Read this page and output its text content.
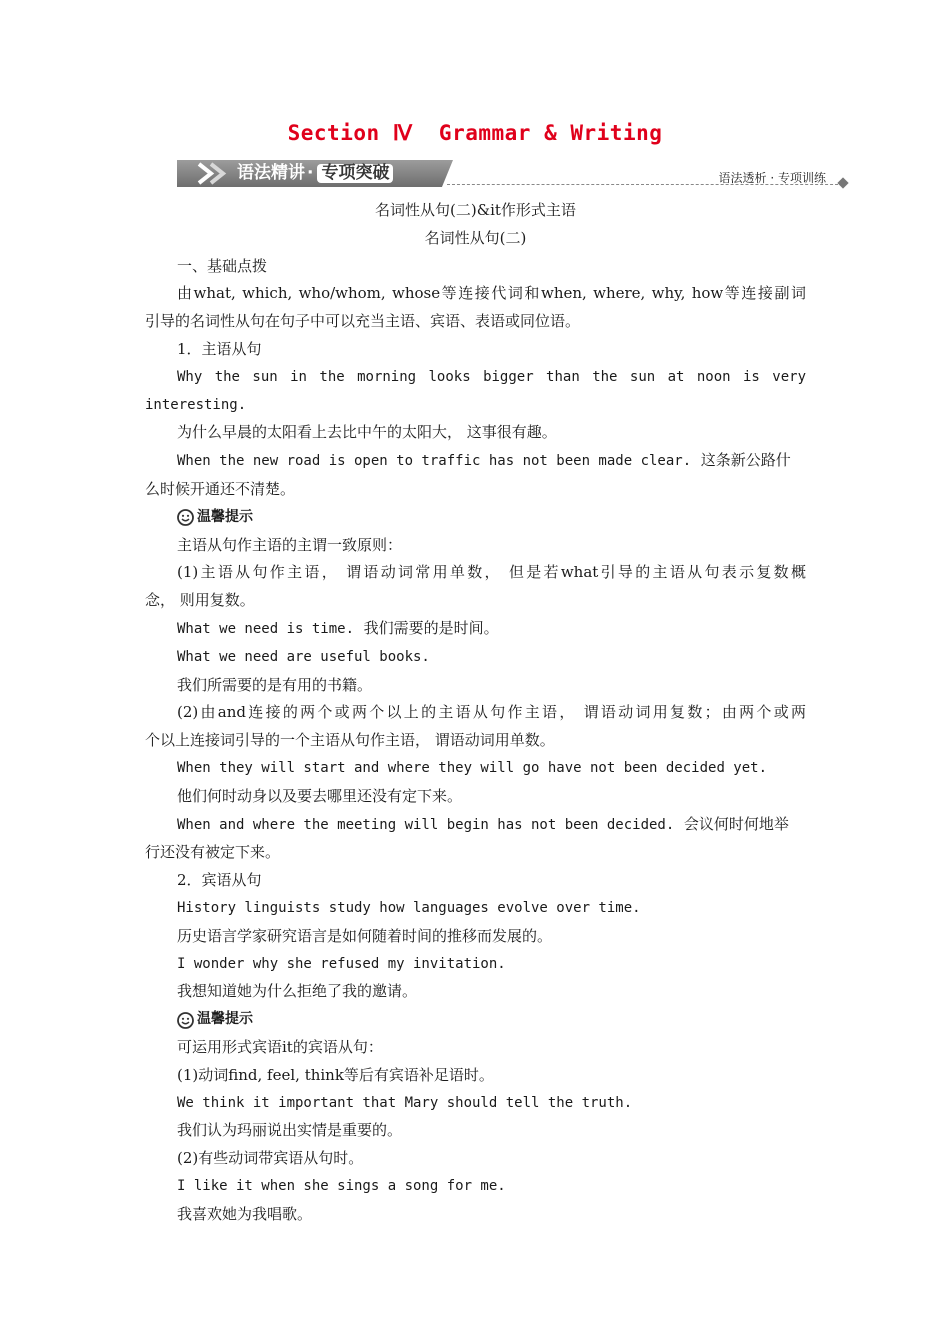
Section Ⅳ  Grammar & Writing
语法精讲 · 专项突破	语法透析 · 专项训练

名词性从句(二)&it作形式主语

名词性从句(二)

一、基础点拨

由what, which, who/whom, whose等连接代词和when, where, why, how等连接副词

引导的名词性从句在句子中可以充当主语、宾语、表语或同位语。

1．主语从句

Why the sun in the morning looks bigger than the sun at noon is very

interesting.

为什么早晨的太阳看上去比中午的太阳大， 这事很有趣。

When the new road is open to traffic has not been made clear. 这条新公路什

么时候开通还不清楚。

温馨提示

主语从句作主语的主谓一致原则：

(1)主语从句作主语， 谓语动词常用单数， 但是若what引导的主语从句表示复数概

念， 则用复数。

What we need is time. 我们需要的是时间。

What we need are useful books.

我们所需要的是有用的书籍。

(2)由and连接的两个或两个以上的主语从句作主语， 谓语动词用复数；由两个或两

个以上连接词引导的一个主语从句作主语， 谓语动词用单数。

When they will start and where they will go have not been decided yet.

他们何时动身以及要去哪里还没有定下来。

When and where the meeting will begin has not been decided. 会议何时何地举

行还没有被定下来。

2．宾语从句

History linguists study how languages evolve over time.

历史语言学家研究语言是如何随着时间的推移而发展的。

I wonder why she refused my invitation.

我想知道她为什么拒绝了我的邀请。

温馨提示

可运用形式宾语it的宾语从句：

(1)动词find, feel, think等后有宾语补足语时。

We think it important that Mary should tell the truth.

我们认为玛丽说出实情是重要的。

(2)有些动词带宾语从句时。

I like it when she sings a song for me.

我喜欢她为我唱歌。
